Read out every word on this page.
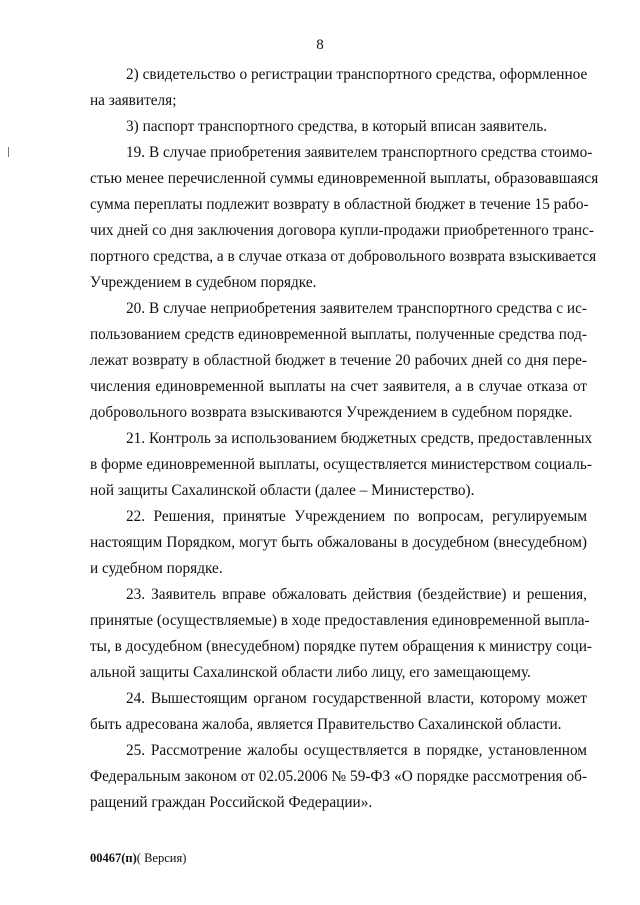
8
2) свидетельство о регистрации транспортного средства, оформленное
на заявителя;
3) паспорт транспортного средства, в который вписан заявитель.
19. В случае приобретения заявителем транспортного средства стоимо-
стью менее перечисленной суммы единовременной выплаты, образовавшаяся
сумма переплаты подлежит возврату в областной бюджет в течение 15 рабо-
чих дней со дня заключения договора купли-продажи приобретенного транс-
портного средства, а в случае отказа от добровольного возврата взыскивается
Учреждением в судебном порядке.
20. В случае неприобретения заявителем транспортного средства с ис-
пользованием средств единовременной выплаты, полученные средства под-
лежат возврату в областной бюджет в течение 20 рабочих дней со дня пере-
числения единовременной выплаты на счет заявителя, а в случае отказа от
добровольного возврата взыскиваются Учреждением в судебном порядке.
21. Контроль за использованием бюджетных средств, предоставленных
в форме единовременной выплаты, осуществляется министерством социаль-
ной защиты Сахалинской области (далее – Министерство).
22. Решения, принятые Учреждением по вопросам, регулируемым
настоящим Порядком, могут быть обжалованы в досудебном (внесудебном)
и судебном порядке.
23. Заявитель вправе обжаловать действия (бездействие) и решения,
принятые (осуществляемые) в ходе предоставления единовременной выпла-
ты, в досудебном (внесудебном) порядке путем обращения к министру соци-
альной защиты Сахалинской области либо лицу, его замещающему.
24. Вышестоящим органом государственной власти, которому может
быть адресована жалоба, является Правительство Сахалинской области.
25. Рассмотрение жалобы осуществляется в порядке, установленном
Федеральным законом от 02.05.2006 № 59-ФЗ «О порядке рассмотрения об-
ращений граждан Российской Федерации».
00467(п)( Версия)
